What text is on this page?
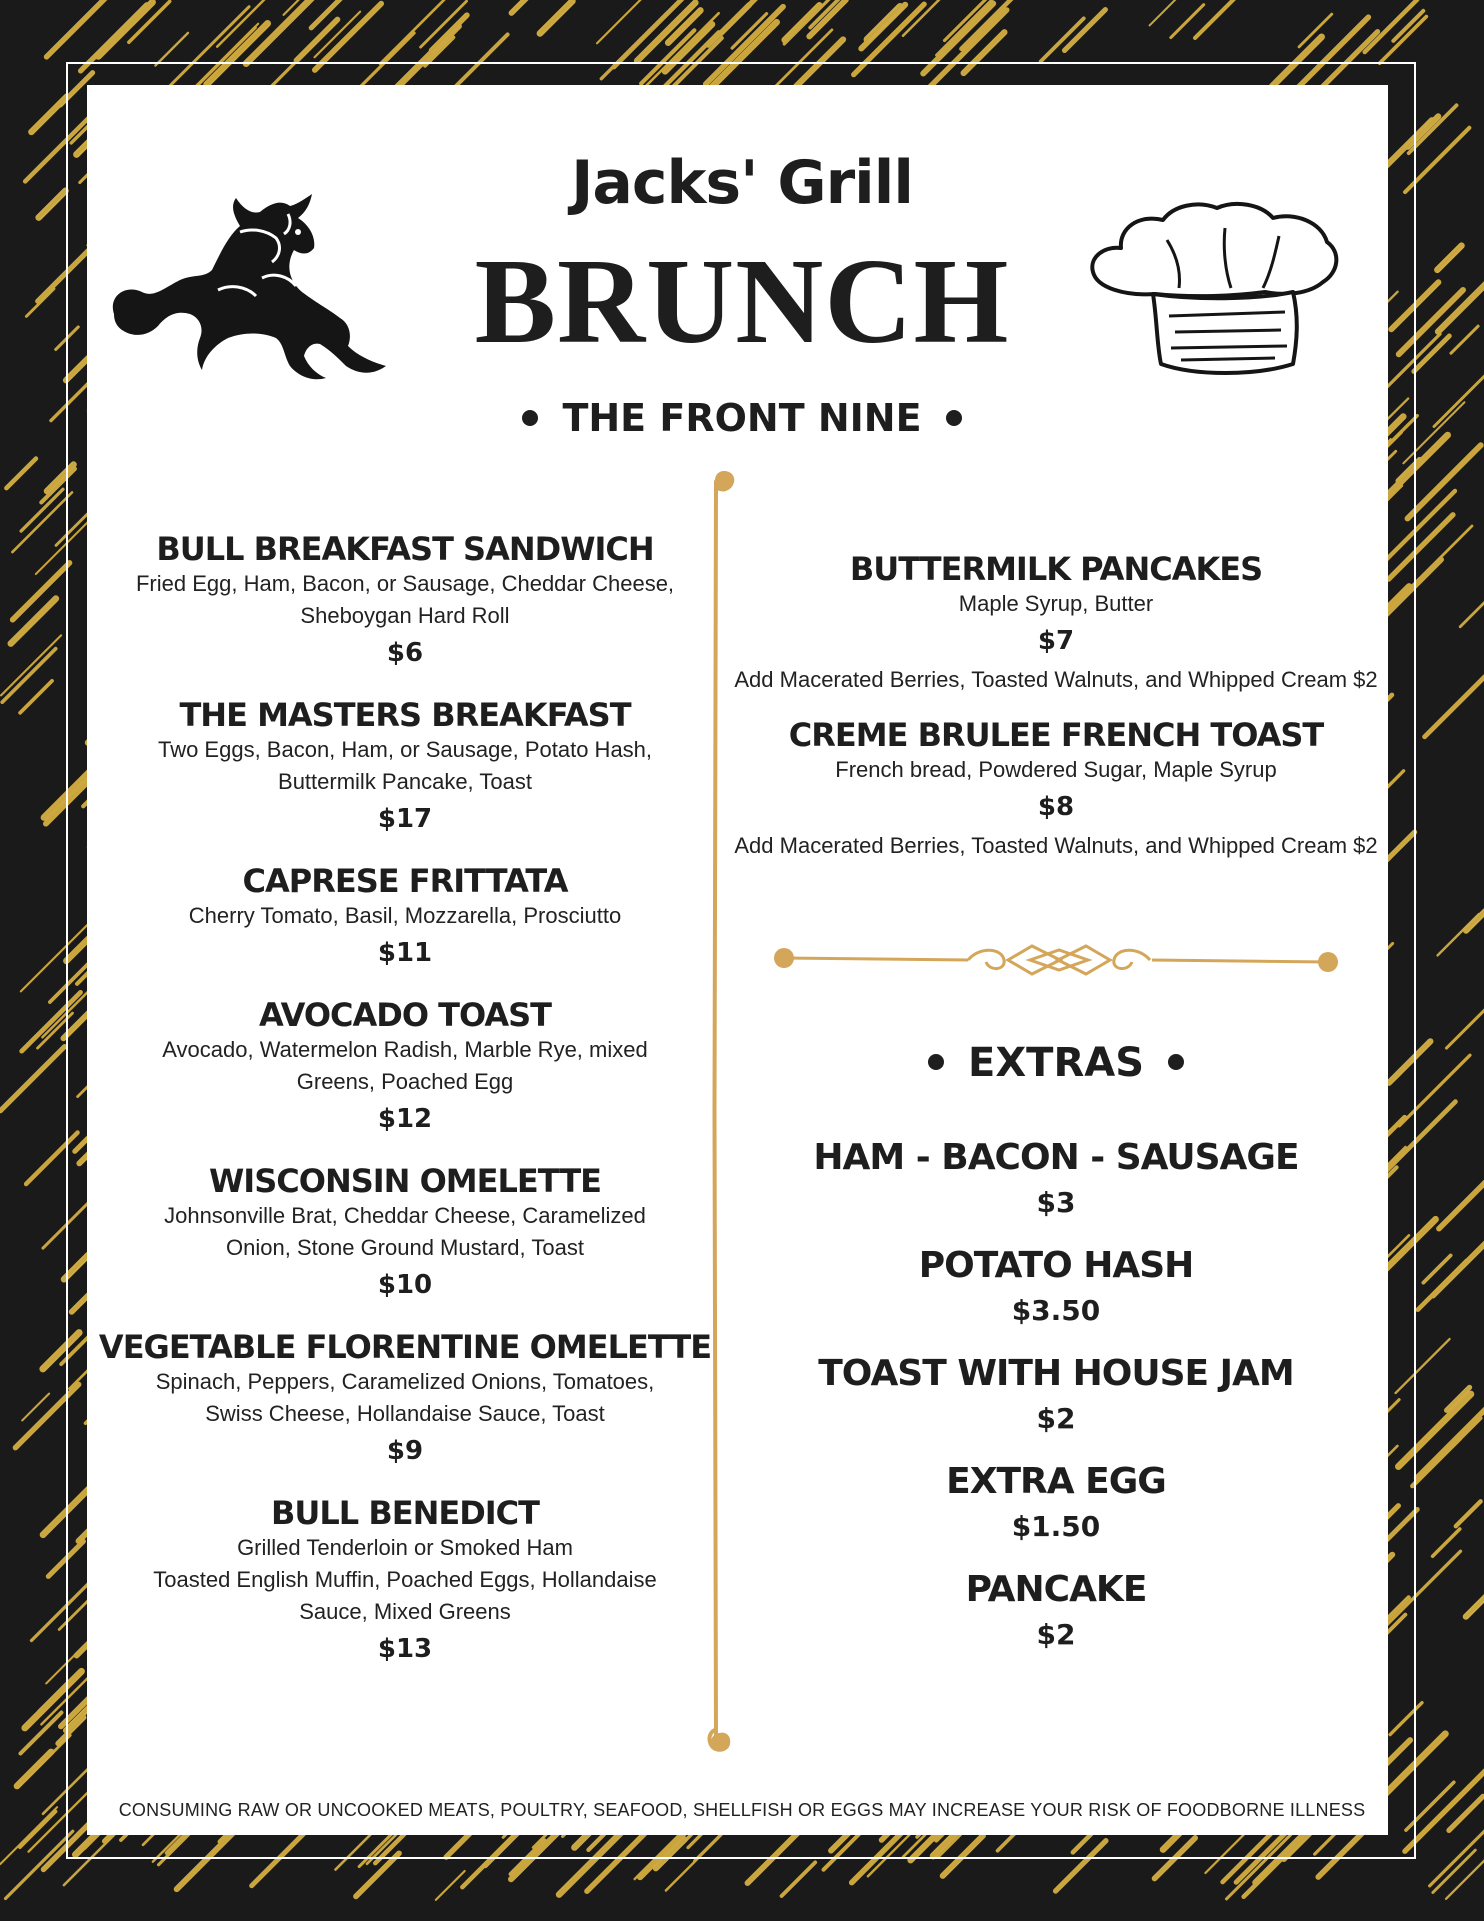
Jacks' Grill
BRUNCH
THE FRONT NINE
BULL BREAKFAST SANDWICH
Fried Egg, Ham, Bacon, or Sausage, Cheddar Cheese,
Sheboygan Hard Roll
$6
THE MASTERS BREAKFAST
Two Eggs, Bacon, Ham, or Sausage, Potato Hash,
Buttermilk Pancake, Toast
$17
CAPRESE FRITTATA
Cherry Tomato, Basil, Mozzarella, Prosciutto
$11
AVOCADO TOAST
Avocado, Watermelon Radish, Marble Rye, mixed
Greens, Poached Egg
$12
WISCONSIN OMELETTE
Johnsonville Brat, Cheddar Cheese, Caramelized
Onion, Stone Ground Mustard, Toast
$10
VEGETABLE FLORENTINE OMELETTE
Spinach, Peppers, Caramelized Onions, Tomatoes,
Swiss Cheese, Hollandaise Sauce, Toast
$9
BULL BENEDICT
Grilled Tenderloin or Smoked Ham
Toasted English Muffin, Poached Eggs, Hollandaise
Sauce, Mixed Greens
$13
BUTTERMILK PANCAKES
Maple Syrup, Butter
$7
Add Macerated Berries, Toasted Walnuts, and Whipped Cream $2
CREME BRULEE FRENCH TOAST
French bread, Powdered Sugar, Maple Syrup
$8
Add Macerated Berries, Toasted Walnuts, and Whipped Cream $2
EXTRAS
HAM - BACON - SAUSAGE
$3
POTATO HASH
$3.50
TOAST WITH HOUSE JAM
$2
EXTRA EGG
$1.50
PANCAKE
$2
CONSUMING RAW OR UNCOOKED MEATS, POULTRY, SEAFOOD, SHELLFISH OR EGGS MAY INCREASE YOUR RISK OF FOODBORNE ILLNESS
